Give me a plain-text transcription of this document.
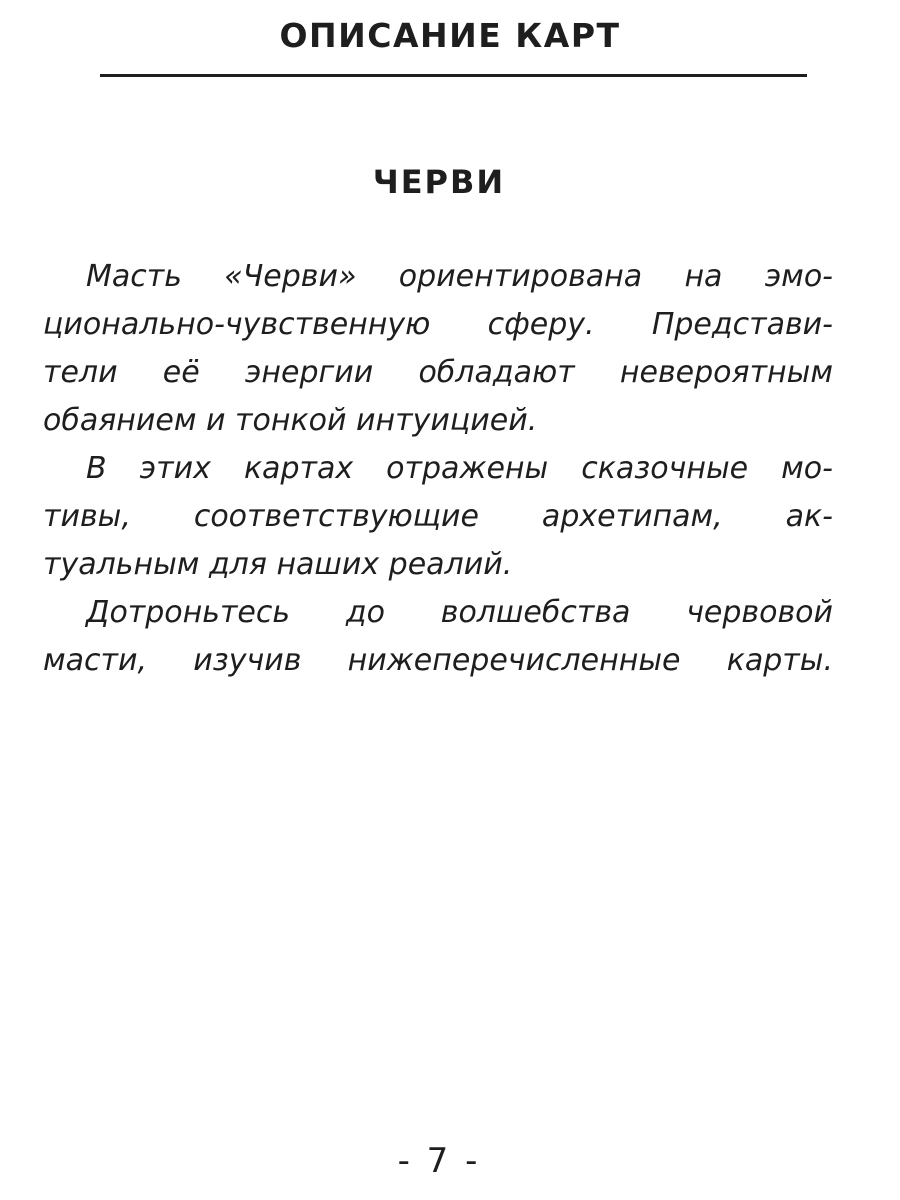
ОПИСАНИЕ КАРТ
ЧЕРВИ
Масть «Черви» ориентирована на эмо-
ционально-чувственную сферу. Представи-
тели её энергии обладают невероятным
обаянием и тонкой интуицией.
В этих картах отражены сказочные мо-
тивы, соответствующие архетипам, ак-
туальным для наших реалий.
Дотроньтесь до волшебства червовой
масти, изучив нижеперечисленные карты.
- 7 -
